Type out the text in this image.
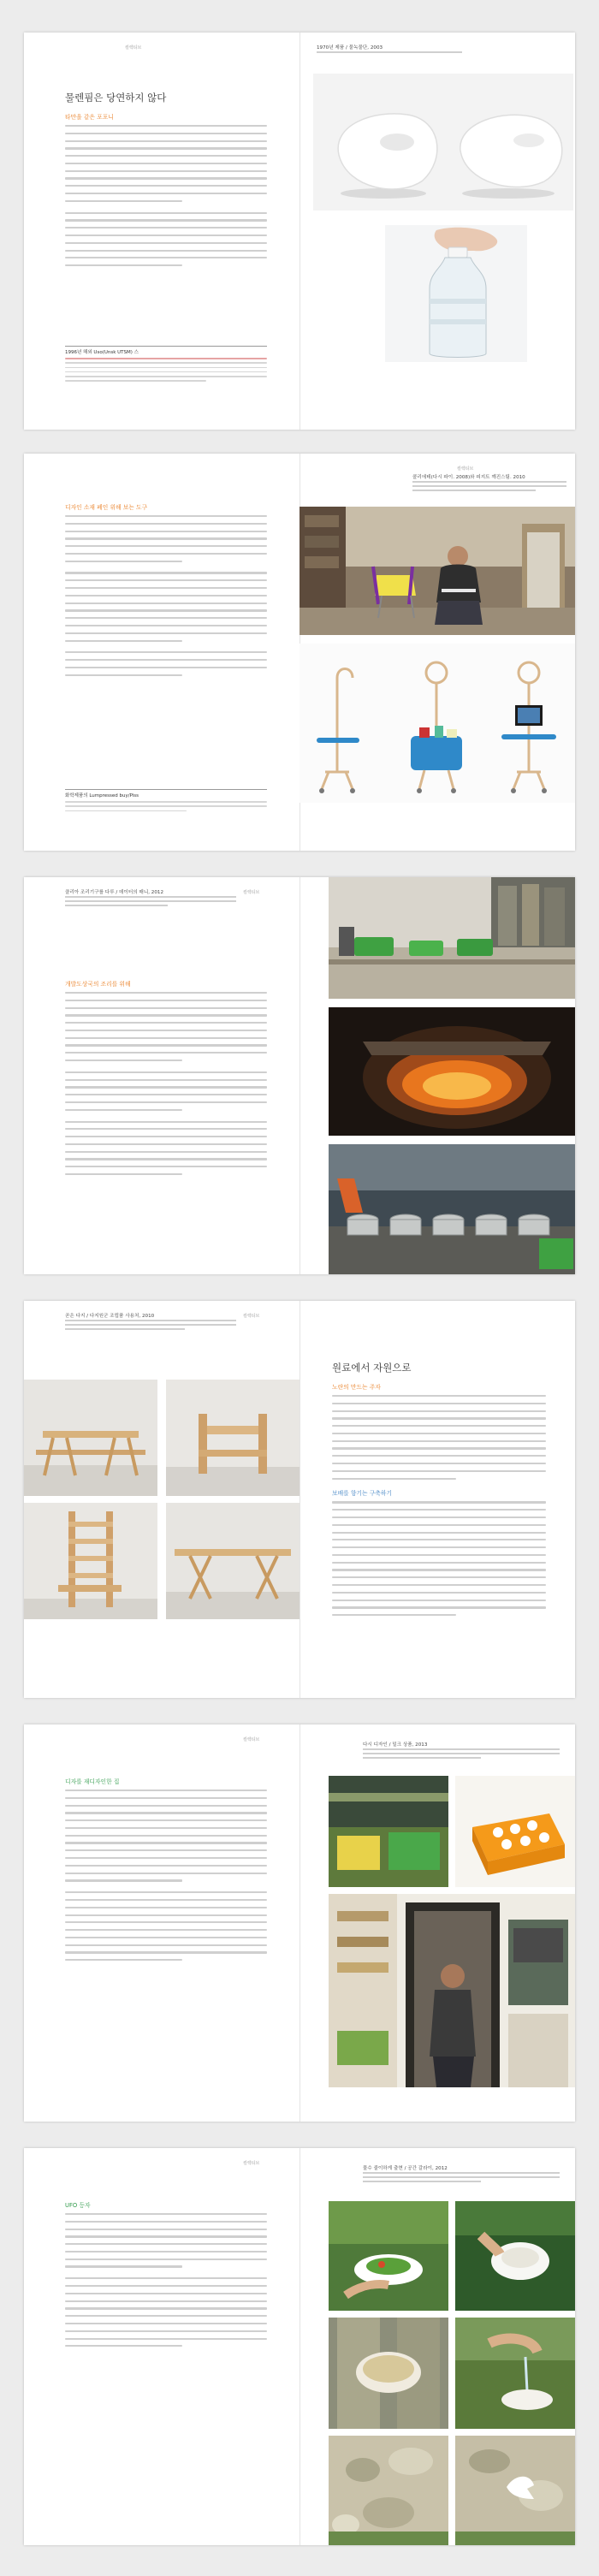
컬렉티브
물렌핌은 당연하지 않다
타만을 같은 포포니
1996년 해외 Uso(Unsk UTSM) 스
1970년 제품 / 물녹물단, 2003
디자인 소재 폐인 위해 보는 도구
화학제품의 Lumpressed buy/Piss
컬렉티브
콜리에테(다시 파이. 2008)와 피지트 깨진스팀. 2010
클리아 조리기구를 다루 / 데이터의 매니, 2012	컬렉티브
개발도상국의 조리를 위해
곧은 다지 / 다지원군 조립품 사용처, 2010	컬렉티브
원료에서 자원으로
노란의 만드는 주자
보배를 향기는 구축하기
컬렉티브
디자를 재디자인한 집
다시 디자인 / 밀크 상품, 2013
컬렉티브
UFO 등자
물수 줄이하게 출현 / 공간 갈라이, 2012
